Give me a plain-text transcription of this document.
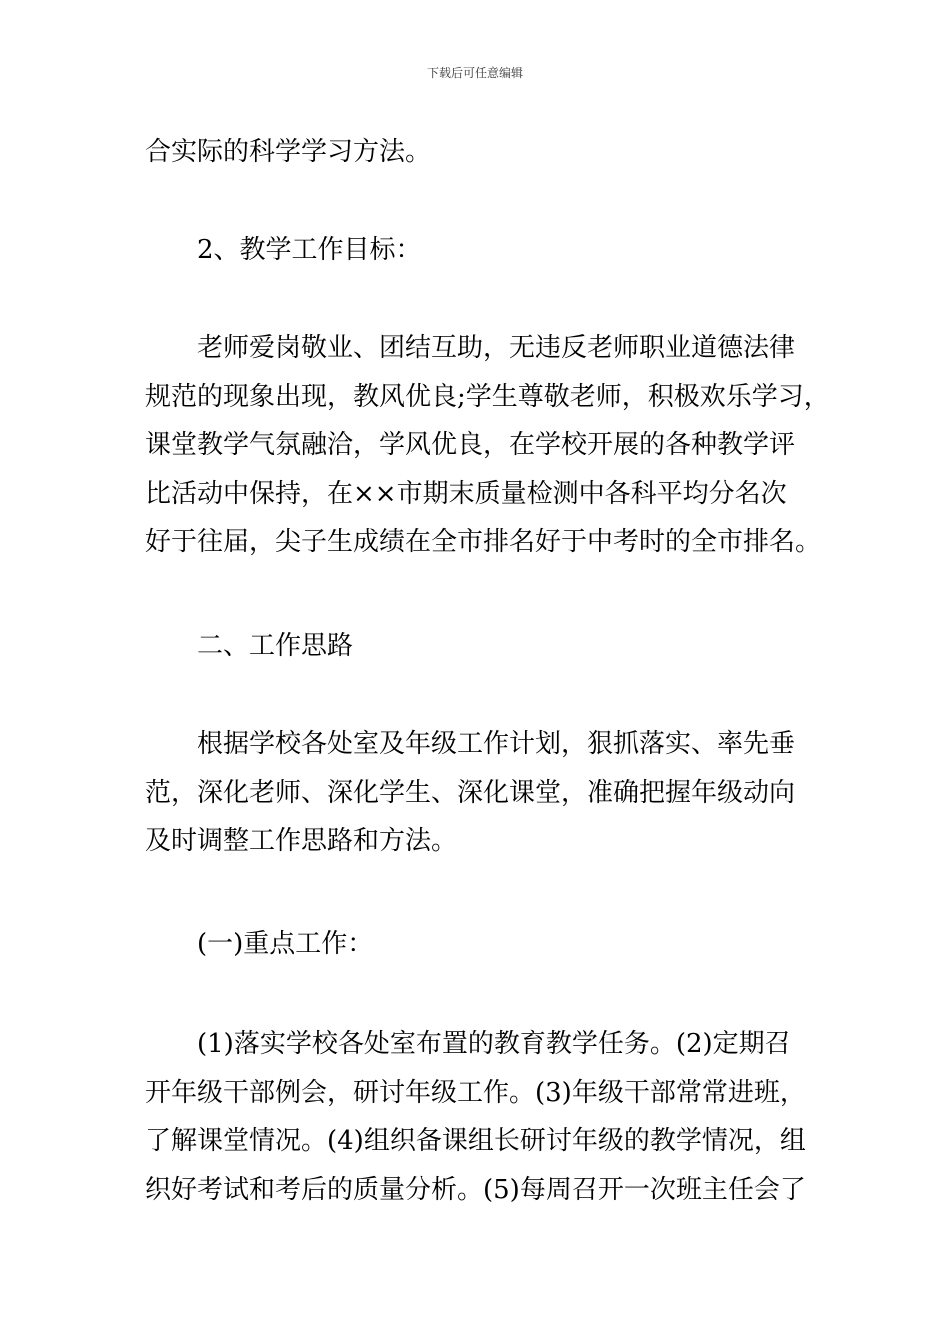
下载后可任意编辑
合实际的科学学习方法。
2、教学工作目标：
老师爱岗敬业、团结互助，无违反老师职业道德法律
规范的现象出现，教风优良;学生尊敬老师，积极欢乐学习，
课堂教学气氛融洽，学风优良，在学校开展的各种教学评
比活动中保持，在××市期末质量检测中各科平均分名次
好于往届，尖子生成绩在全市排名好于中考时的全市排名。
二、工作思路
根据学校各处室及年级工作计划，狠抓落实、率先垂
范，深化老师、深化学生、深化课堂，准确把握年级动向
及时调整工作思路和方法。
(一)重点工作：
(1)落实学校各处室布置的教育教学任务。(2)定期召
开年级干部例会，研讨年级工作。(3)年级干部常常进班，
了解课堂情况。(4)组织备课组长研讨年级的教学情况，组
织好考试和考后的质量分析。(5)每周召开一次班主任会了
